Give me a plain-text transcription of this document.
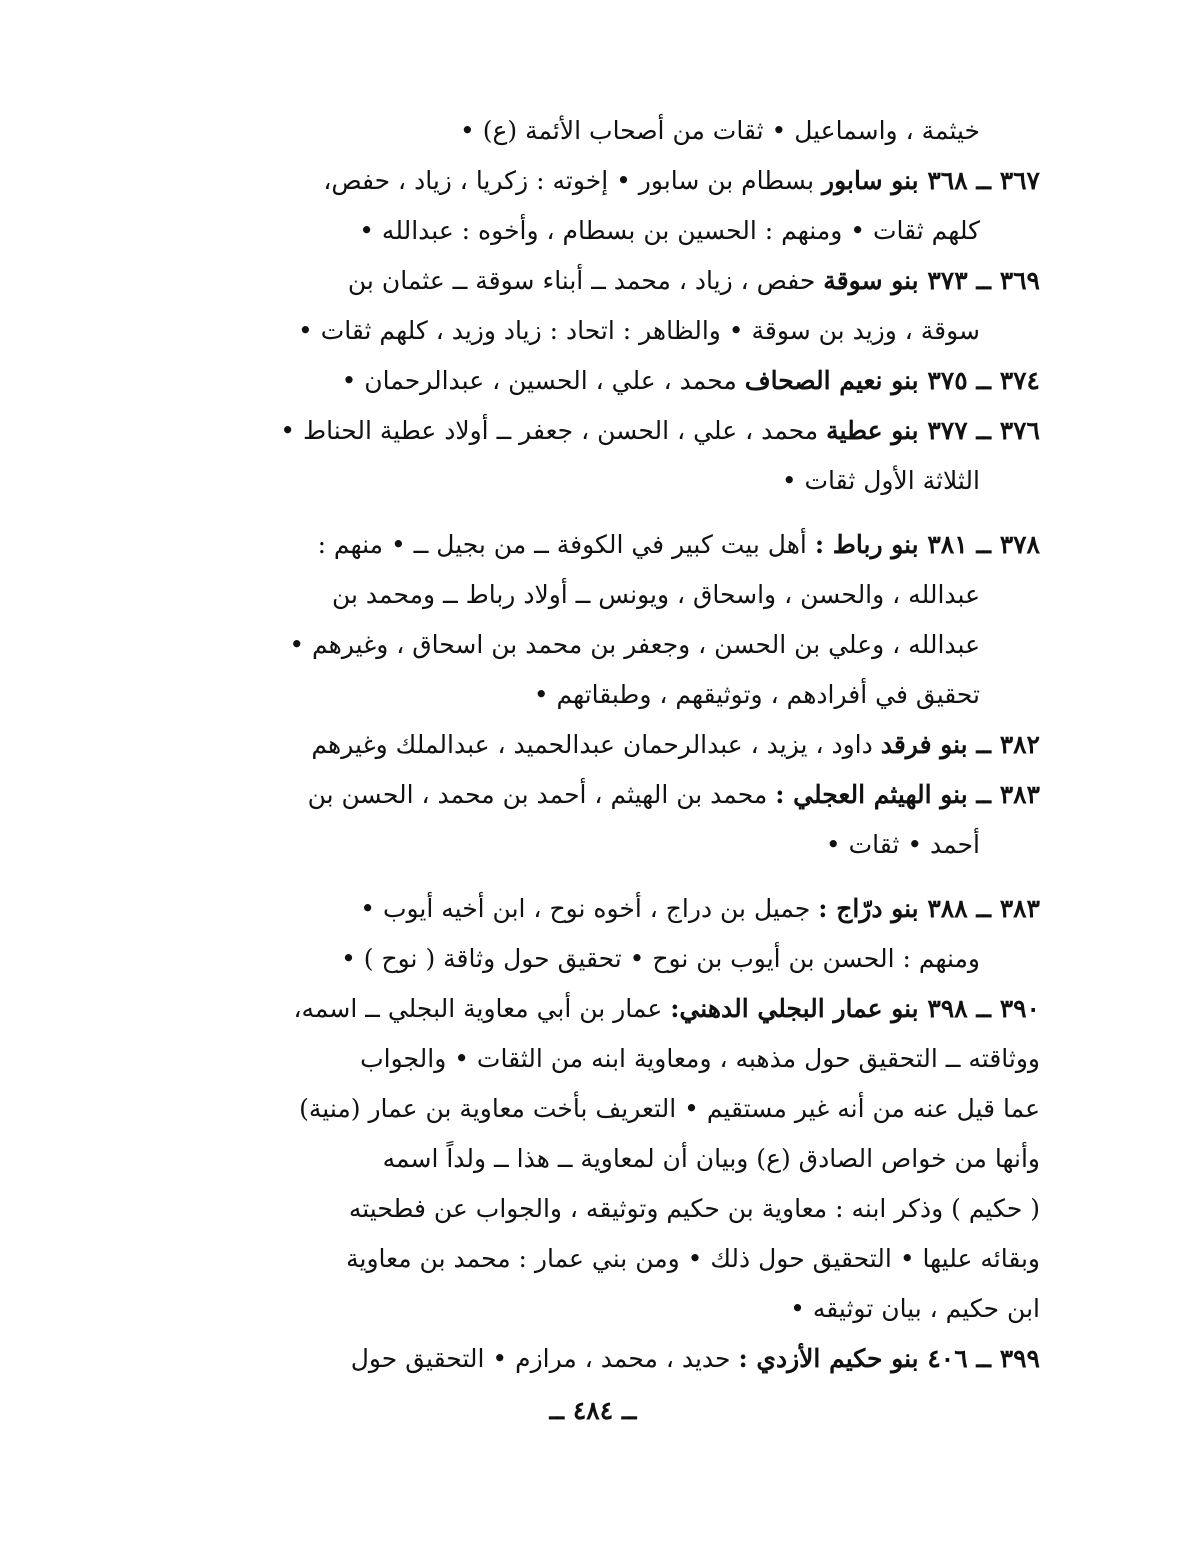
خيثمة ، واسماعيل • ثقات من أصحاب الأئمة (ع) •
٣٦٧ ــ ٣٦٨ بنو سابور بسطام بن سابور • إخوته : زكريا ، زياد ، حفص،
كلهم ثقات • ومنهم : الحسين بن بسطام ، وأخوه : عبدالله •
٣٦٩ ــ ٣٧٣ بنو سوقة حفص ، زياد ، محمد ــ أبناء سوقة ــ عثمان بن
سوقة ، وزيد بن سوقة • والظاهر : اتحاد : زياد وزيد ، كلهم ثقات •
٣٧٤ ــ ٣٧٥ بنو نعيم الصحاف محمد ، علي ، الحسين ، عبدالرحمان •
٣٧٦ ــ ٣٧٧ بنو عطية محمد ، علي ، الحسن ، جعفر ــ أولاد عطية الحناط •
الثلاثة الأول ثقات •
٣٧٨ ــ ٣٨١ بنو رباط : أهل بيت كبير في الكوفة ــ من بجيل ــ • منهم :
عبدالله ، والحسن ، واسحاق ، ويونس ــ أولاد رباط ــ ومحمد بن
عبدالله ، وعلي بن الحسن ، وجعفر بن محمد بن اسحاق ، وغيرهم •
تحقيق في أفرادهم ، وتوثيقهم ، وطبقاتهم •
٣٨٢ ــ بنو فرقد داود ، يزيد ، عبدالرحمان عبدالحميد ، عبدالملك وغيرهم
٣٨٣ ــ بنو الهيثم العجلي : محمد بن الهيثم ، أحمد بن محمد ، الحسن بن
أحمد • ثقات •
٣٨٣ ــ ٣٨٨ بنو درّاج : جميل بن دراج ، أخوه نوح ، ابن أخيه أيوب •
ومنهم : الحسن بن أيوب بن نوح • تحقيق حول وثاقة ( نوح ) •
٣٩٠ ــ ٣٩٨ بنو عمار البجلي الدهني: عمار بن أبي معاوية البجلي ــ اسمه،
ووثاقته ــ التحقيق حول مذهبه ، ومعاوية ابنه من الثقات • والجواب
عما قيل عنه من أنه غير مستقيم • التعريف بأخت معاوية بن عمار (منية)
وأنها من خواص الصادق (ع) وبيان أن لمعاوية ــ هذا ــ ولداً اسمه
( حكيم ) وذكر ابنه : معاوية بن حكيم وتوثيقه ، والجواب عن فطحيته
وبقائه عليها • التحقيق حول ذلك • ومن بني عمار : محمد بن معاوية
ابن حكيم ، بيان توثيقه •
٣٩٩ ــ ٤٠٦ بنو حكيم الأزدي : حديد ، محمد ، مرازم • التحقيق حول
ــ ٤٨٤ ــ
